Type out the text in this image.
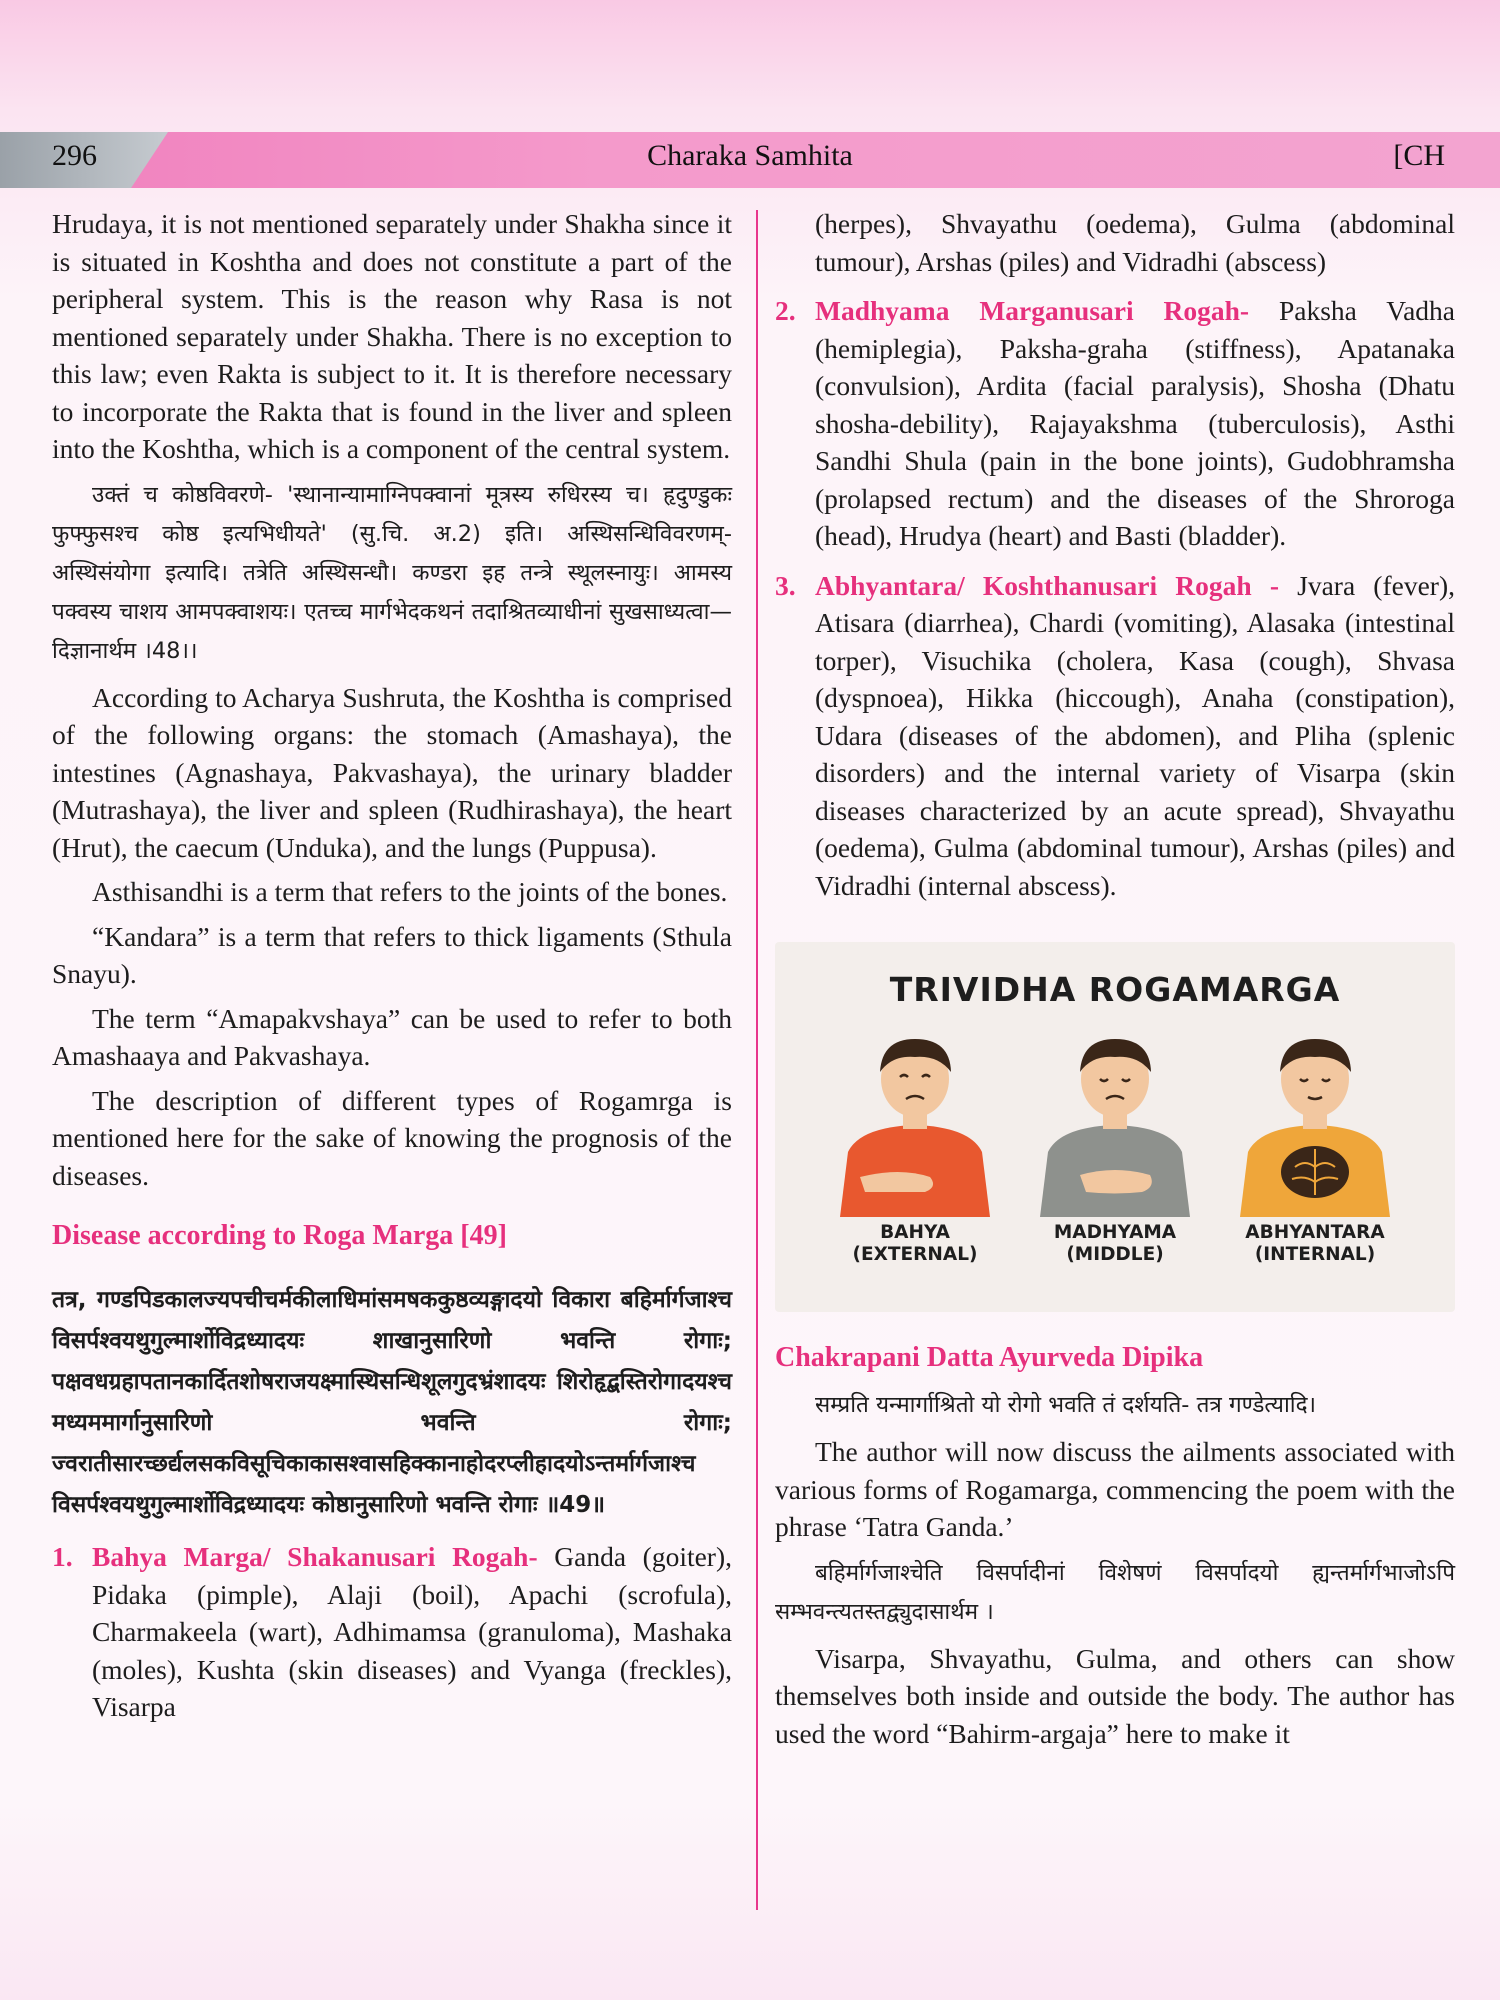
296	Charaka Samhita	[CH

Hrudaya, it is not mentioned separately under Shakha since it is situated in Koshtha and does not constitute a part of the peripheral system. This is the reason why Rasa is not mentioned separately under Shakha. There is no exception to this law; even Rakta is subject to it. It is therefore necessary to incorporate the Rakta that is found in the liver and spleen into the Koshtha, which is a component of the central system.

उक्तं च कोष्ठविवरणे- 'स्थानान्यामाग्निपक्वानां मूत्रस्य रुधिरस्य च। हृदुण्डुकः फुफ्फुसश्च कोष्ठ इत्यभिधीयते' (सु.चि. अ.2) इति। अस्थिसन्धिविवरणम्- अस्थिसंयोगा इत्यादि। तत्रेति अस्थिसन्धौ। कण्डरा इह तन्त्रे स्थूलस्नायुः। आमस्य पक्वस्य चाशय आमपक्वाशयः। एतच्च मार्गभेदकथनं तदाश्रितव्याधीनां सुखसाध्यत्वा—दिज्ञानार्थम ।48।।

According to Acharya Sushruta, the Koshtha is comprised of the following organs: the stomach (Amashaya), the intestines (Agnashaya, Pakvashaya), the urinary bladder (Mutrashaya), the liver and spleen (Rudhirashaya), the heart (Hrut), the caecum (Unduka), and the lungs (Puppusa).

Asthisandhi is a term that refers to the joints of the bones.

“Kandara” is a term that refers to thick ligaments (Sthula Snayu).

The term “Amapakvshaya” can be used to refer to both Amashaaya and Pakvashaya.

The description of different types of Rogamrga is mentioned here for the sake of knowing the prognosis of the diseases.

Disease according to Roga Marga [49]

तत्र, गण्डपिडकालज्यपचीचर्मकीलाधिमांसमषककुष्ठव्यङ्गादयो विकारा बहिर्मार्गजाश्च विसर्पश्वयथुगुल्मार्शोविद्रध्यादयः शाखानुसारिणो भवन्ति रोगाः; पक्षवधग्रहापतानकार्दितशोषराजयक्ष्मास्थिसन्धिशूलगुदभ्रंशादयः शिरोहृद्बस्तिरोगादयश्च मध्यममार्गानुसारिणो भवन्ति रोगाः; ज्वरातीसारच्छर्द्यलसकविसूचिकाकासश्वासहिक्कानाहोदरप्लीहादयोऽन्तर्मार्गजाश्च विसर्पश्वयथुगुल्मार्शोविद्रध्यादयः कोष्ठानुसारिणो भवन्ति रोगाः ॥49॥

1. Bahya Marga/ Shakanusari Rogah- Ganda (goiter), Pidaka (pimple), Alaji (boil), Apachi (scrofula), Charmakeela (wart), Adhimamsa (granuloma), Mashaka (moles), Kushta (skin diseases) and Vyanga (freckles), Visarpa
(herpes), Shvayathu (oedema), Gulma (abdominal tumour), Arshas (piles) and Vidradhi (abscess)
2. Madhyama Marganusari Rogah- Paksha Vadha (hemiplegia), Paksha-graha (stiffness), Apatanaka (convulsion), Ardita (facial paralysis), Shosha (Dhatu shosha-debility), Rajayakshma (tuberculosis), Asthi Sandhi Shula (pain in the bone joints), Gudobhramsha (prolapsed rectum) and the diseases of the Shroroga (head), Hrudya (heart) and Basti (bladder).
3. Abhyantara/ Koshthanusari Rogah - Jvara (fever), Atisara (diarrhea), Chardi (vomiting), Alasaka (intestinal torper), Visuchika (cholera, Kasa (cough), Shvasa (dyspnoea), Hikka (hiccough), Anaha (constipation), Udara (diseases of the abdomen), and Pliha (splenic disorders) and the internal variety of Visarpa (skin diseases characterized by an acute spread), Shvayathu (oedema), Gulma (abdominal tumour), Arshas (piles) and Vidradhi (internal abscess).
TRIVIDHA ROGAMARGA
BAHYA
(EXTERNAL)
MADHYAMA
(MIDDLE)
ABHYANTARA
(INTERNAL)
Chakrapani Datta Ayurveda Dipika

सम्प्रति यन्मार्गाश्रितो यो रोगो भवति तं दर्शयति- तत्र गण्डेत्यादि।

The author will now discuss the ailments associated with various forms of Rogamarga, commencing the poem with the phrase ‘Tatra Ganda.’

बहिर्मार्गजाश्चेति विसर्पादीनां विशेषणं विसर्पादयो ह्यन्तर्मार्गभाजोऽपि सम्भवन्त्यतस्तद्व्युदासार्थम ।

Visarpa, Shvayathu, Gulma, and others can show themselves both inside and outside the body. The author has used the word “Bahirm-argaja” here to make it
